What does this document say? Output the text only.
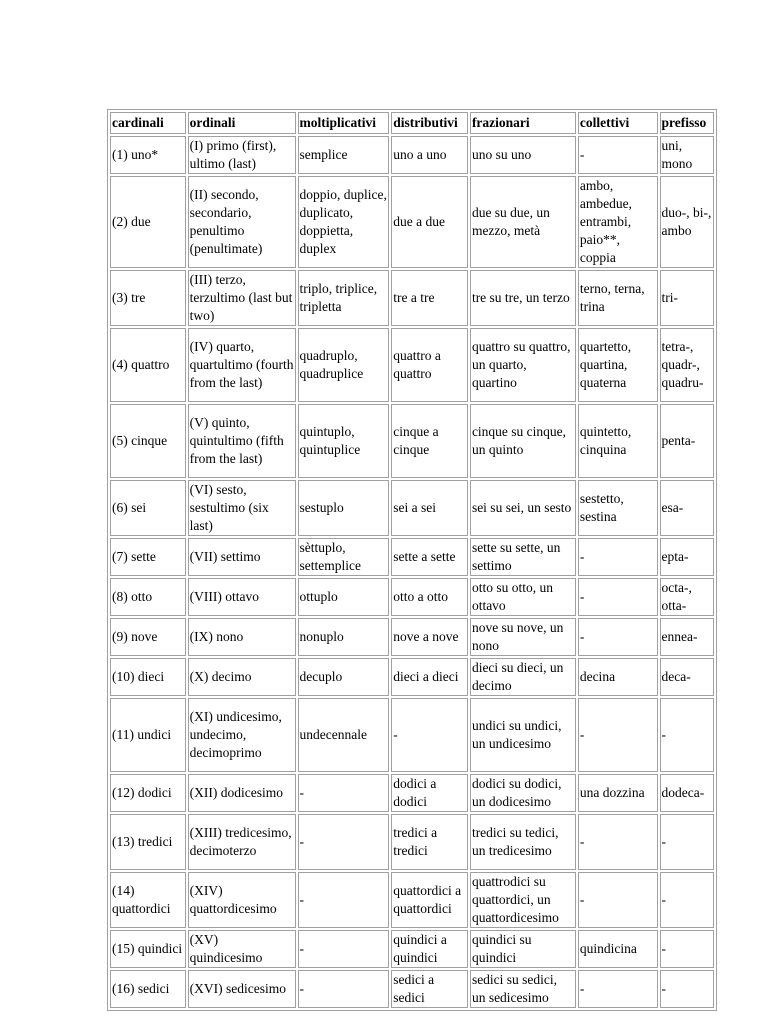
cardinali	ordinali	moltiplicativi	distributivi	frazionari	collettivi	prefisso
(1) uno*	(I) primo (first), ultimo (last)	semplice	uno a uno	uno su uno	-	uni, mono
(2) due	(II) secondo, secondario, penultimo (penultimate)	doppio, duplice, duplicato, doppietta, duplex	due a due	due su due, un mezzo, metà	ambo, ambedue, entrambi, paio**, coppia	duo-, bi-, ambo
(3) tre	(III) terzo, terzultimo (last but two)	triplo, triplice, tripletta	tre a tre	tre su tre, un terzo	terno, terna, trina	tri-
(4) quattro	(IV) quarto, quartultimo (fourth from the last)	quadruplo, quadruplice	quattro a quattro	quattro su quattro, un quarto, quartino	quartetto, quartina, quaterna	tetra-, quadr-, quadru-
(5) cinque	(V) quinto, quintultimo (fifth from the last)	quintuplo, quintuplice	cinque a cinque	cinque su cinque, un quinto	quintetto, cinquina	penta-
(6) sei	(VI) sesto, sestultimo (six last)	sestuplo	sei a sei	sei su sei, un sesto	sestetto, sestina	esa-
(7) sette	(VII) settimo	sèttuplo, settemplice	sette a sette	sette su sette, un settimo	-	epta-
(8) otto	(VIII) ottavo	ottuplo	otto a otto	otto su otto, un ottavo	-	octa-, otta-
(9) nove	(IX) nono	nonuplo	nove a nove	nove su nove, un nono	-	ennea-
(10) dieci	(X) decimo	decuplo	dieci a dieci	dieci su dieci, un decimo	decina	deca-
(11) undici	(XI) undicesimo, undecimo, decimoprimo	undecennale	-	undici su undici, un undicesimo	-	-
(12) dodici	(XII) dodicesimo	-	dodici a dodici	dodici su dodici, un dodicesimo	una dozzina	dodeca-
(13) tredici	(XIII) tredicesimo, decimoterzo	-	tredici a tredici	tredici su tedici, un tredicesimo	-	-
(14) quattordici	(XIV) quattordicesimo	-	quattordici a quattordici	quattrodici su quattordici, un quattordicesimo	-	-
(15) quindici	(XV) quindicesimo	-	quindici a quindici	quindici su quindici	quindicina	-
(16) sedici	(XVI) sedicesimo	-	sedici a sedici	sedici su sedici, un sedicesimo	-	-
